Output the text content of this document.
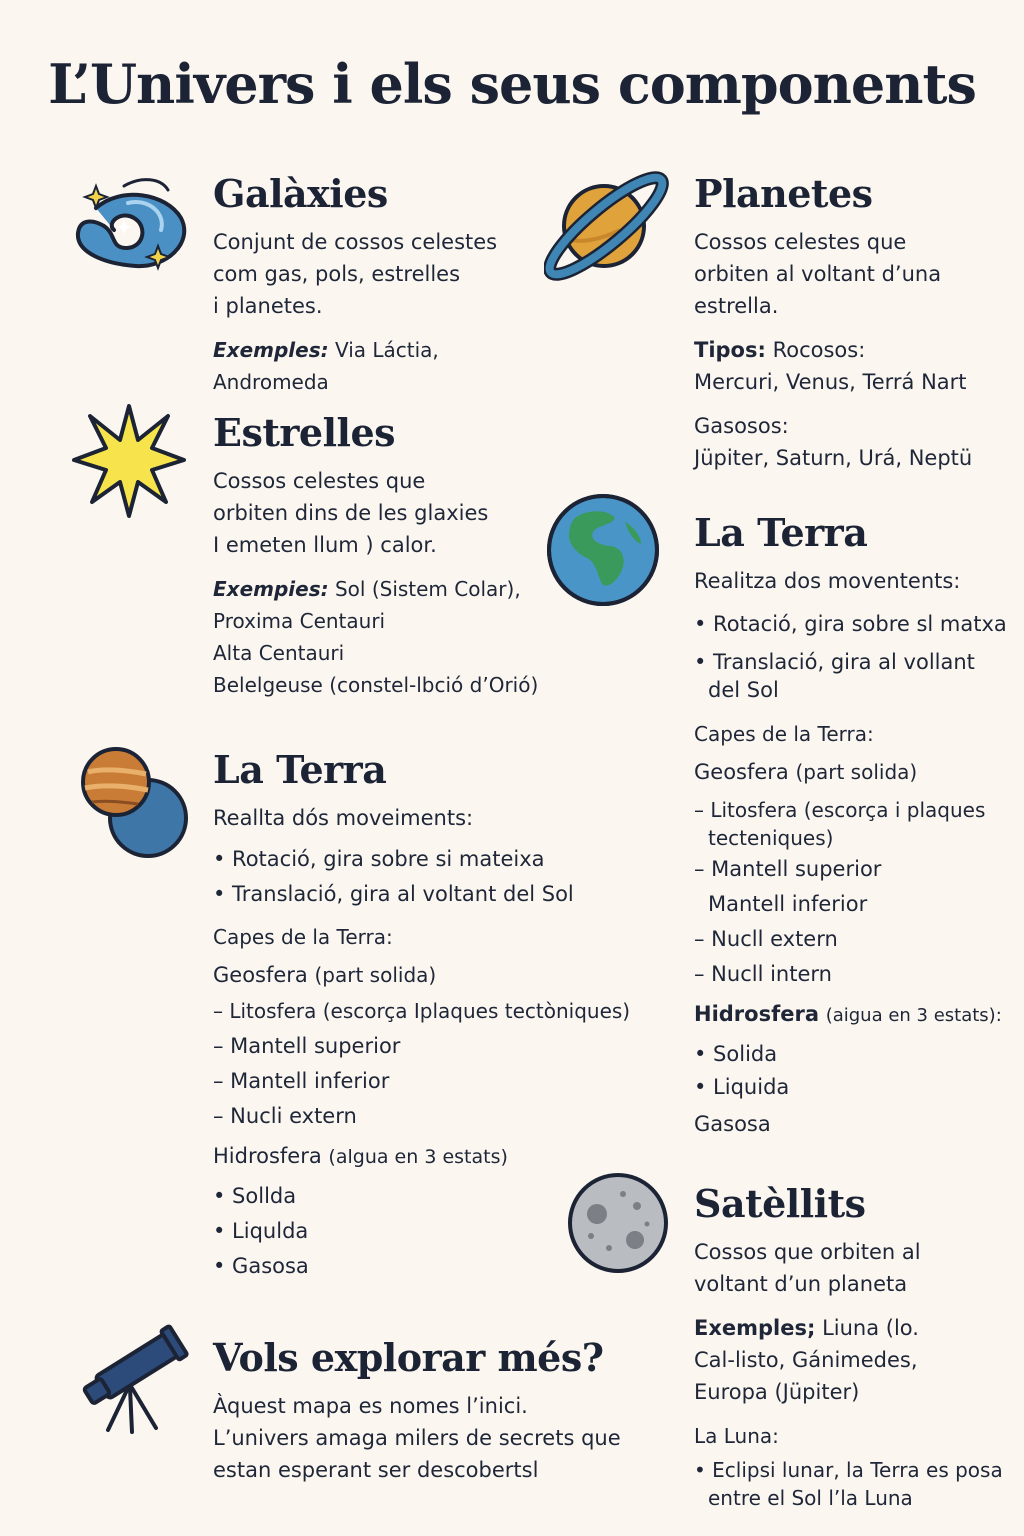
L’Univers i els seus components
Galàxies

Conjunt de cossos celestes

com gas, pols, estrelles

i planetes.

Exemples: Via Láctia, Andromeda

Estrelles

Cossos celestes que

orbiten dins de les glaxies

I emeten llum ) calor.

Exempies: Sol (Sistem Colar),

Proxima Centauri

Alta Centauri

Belelgeuse (constel-lbció d’Orió)

La Terra

Reallta dós moveiments:

• Rotació, gira sobre si mateixa

• Translació, gira al voltant del Sol

Capes de la Terra:

Geosfera (part solida)

– Litosfera (escorça Iplaques tectòniques)

– Mantell superior

– Mantell inferior

– Nucli extern

Hidrosfera (algua en 3 estats)

• Sollda

• Liqulda

• Gasosa

Vols explorar més?

Àquest mapa es nomes l’inici.

L’univers amaga milers de secrets que

estan esperant ser descobertsl

Planetes

Cossos celestes que

orbiten al voltant d’una

estrella.

Tipos: Rocosos:

Mercuri, Venus, Terrá Nart

Gasosos:

Jüpiter, Saturn, Urá, Neptü

La Terra

Realitza dos moventents:

• Rotació, gira sobre sl matxa

• Translació, gira al vollant

del Sol

Capes de la Terra:

Geosfera (part solida)

– Litosfera (escorça i plaques

tecteniques)

– Mantell superior

Mantell inferior

– Nucll extern

– Nucll intern

Hidrosfera (aigua en 3 estats):

• Solida

• Liquida

Gasosa

Satèllits

Cossos que orbiten al

voltant d’un planeta

Exemples; Liuna (lo.

Cal-listo, Gánimedes,

Europa (Jüpiter)

La Luna:

• Eclipsi lunar, la Terra es posa

entre el Sol l’la Luna
